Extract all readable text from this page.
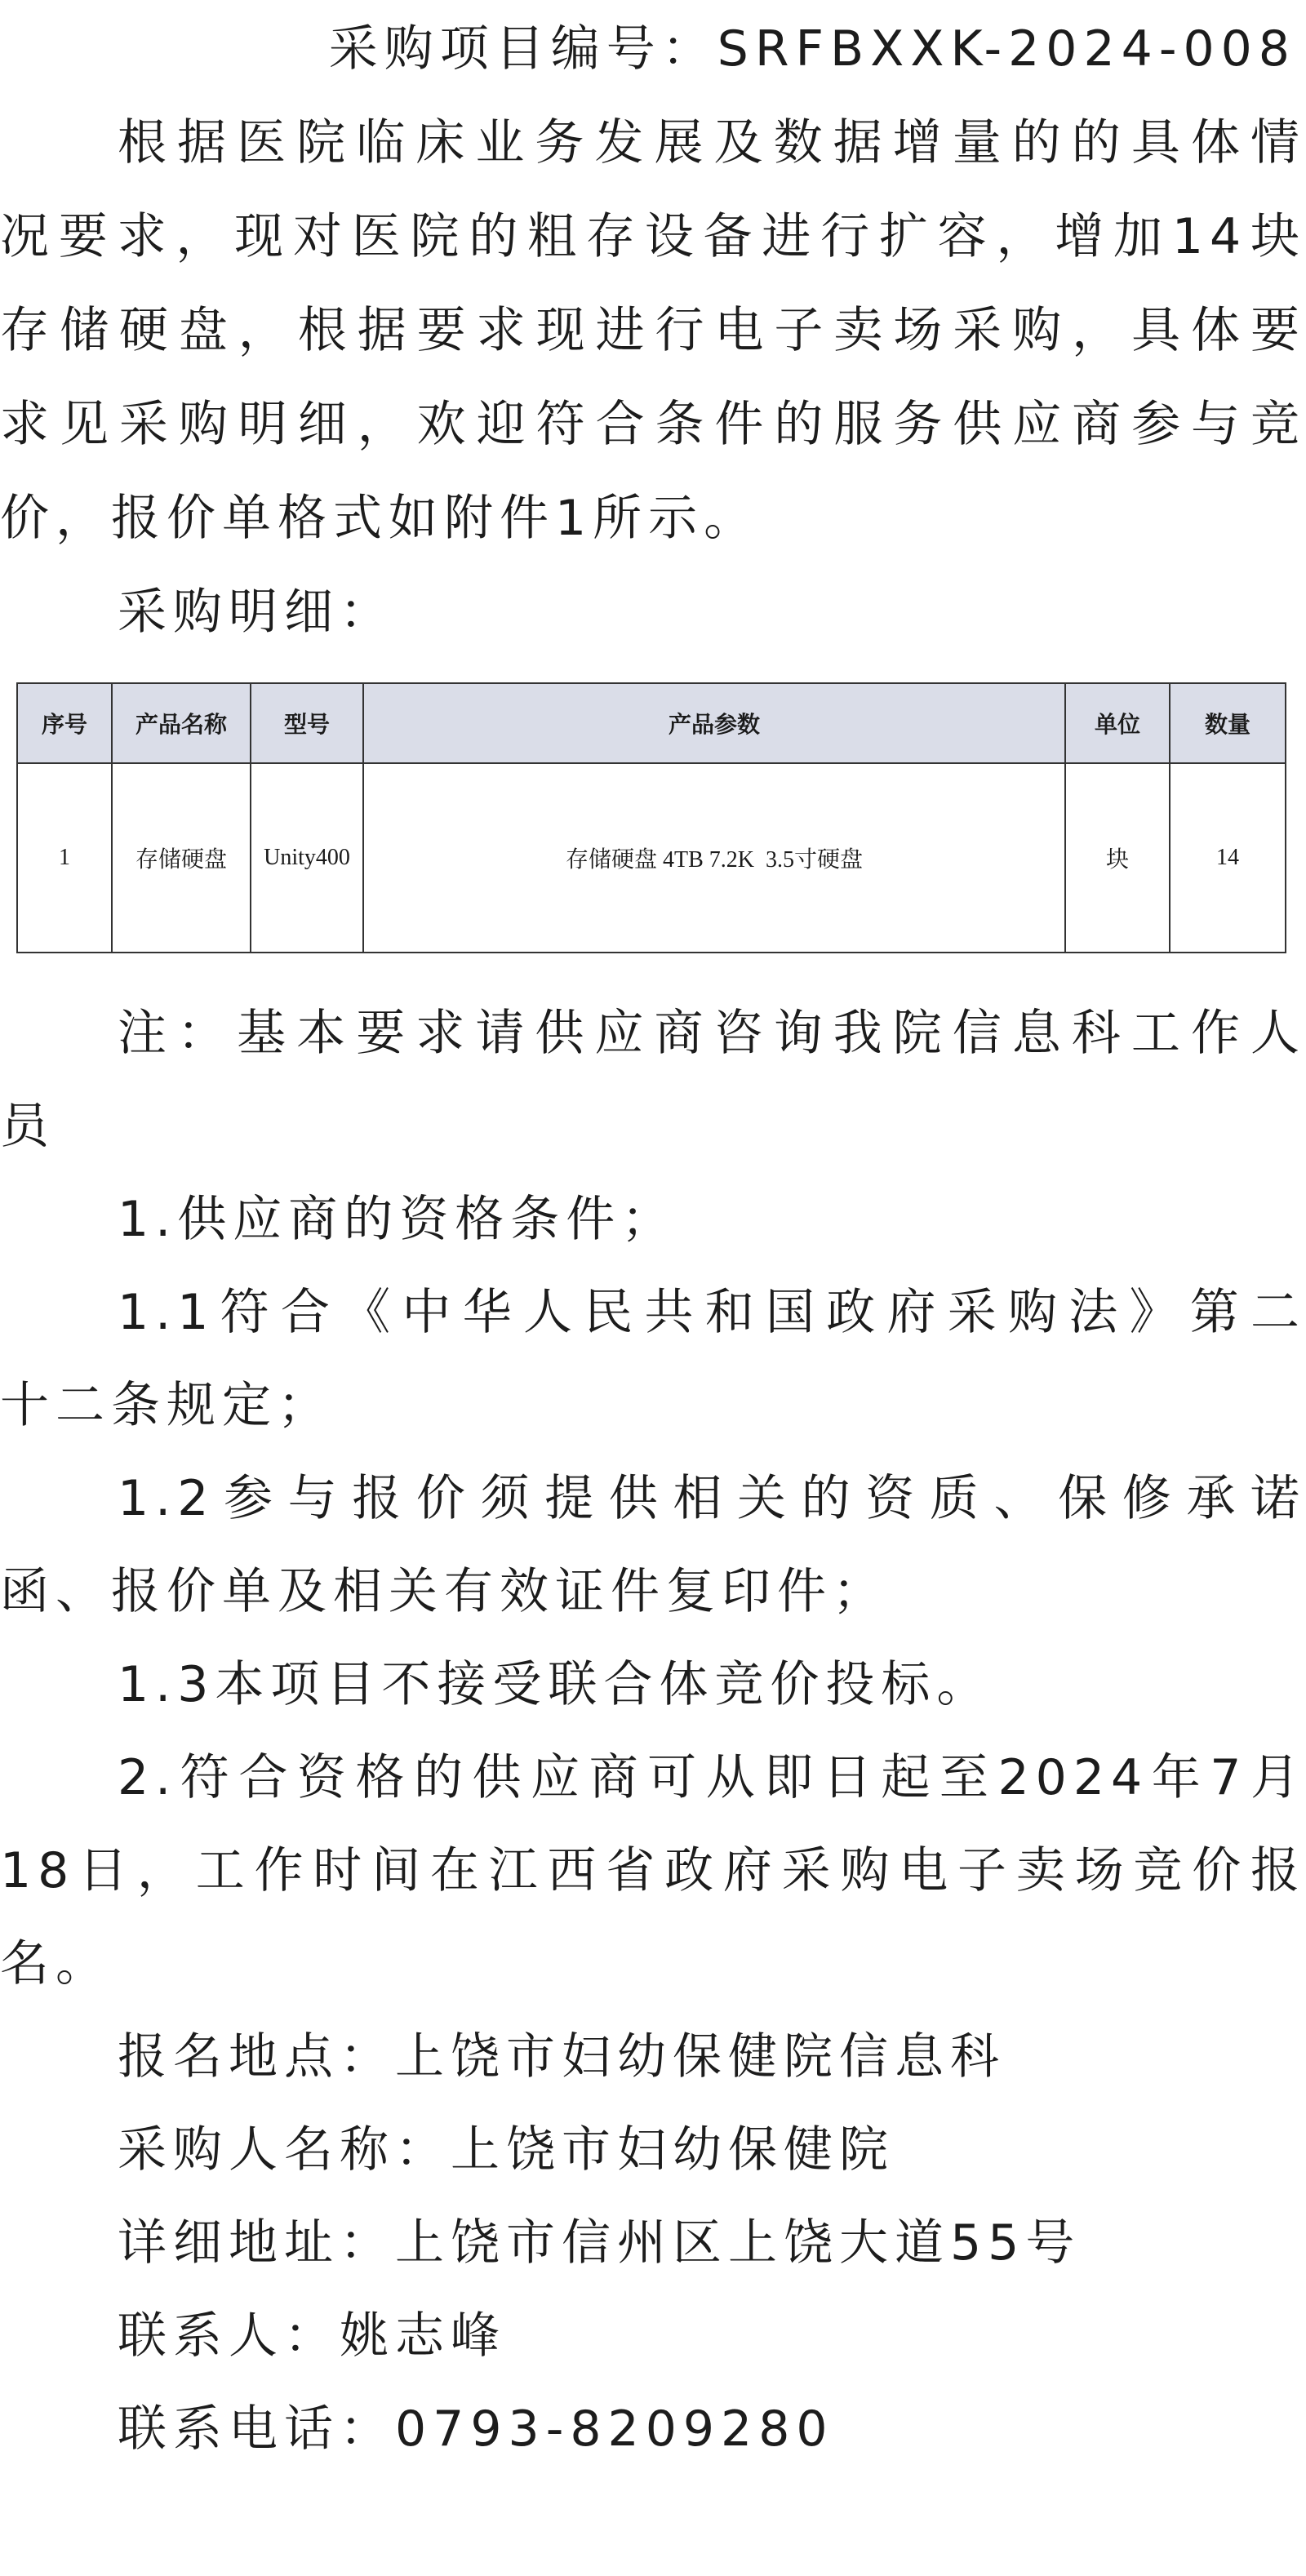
采购项目编号：SRFBXXK-2024-008
根据医院临床业务发展及数据增量的的具体情
况要求，现对医院的粗存设备进行扩容，增加14块
存储硬盘，根据要求现进行电子卖场采购，具体要
求见采购明细，欢迎符合条件的服务供应商参与竞
价，报价单格式如附件1所示。
采购明细：
序号	产品名称	型号	产品参数	单位	数量
1	存储硬盘	Unity400	存储硬盘 4TB 7.2K  3.5寸硬盘	块	14
注：基本要求请供应商咨询我院信息科工作人
员
1.供应商的资格条件；
1.1符合《中华人民共和国政府采购法》第二
十二条规定；
1.2参与报价须提供相关的资质、保修承诺
函、报价单及相关有效证件复印件；
1.3本项目不接受联合体竞价投标。
2.符合资格的供应商可从即日起至2024年7月
18日，工作时间在江西省政府采购电子卖场竞价报
名。
报名地点：上饶市妇幼保健院信息科
采购人名称：上饶市妇幼保健院
详细地址：上饶市信州区上饶大道55号
联系人：姚志峰
联系电话：0793-8209280
